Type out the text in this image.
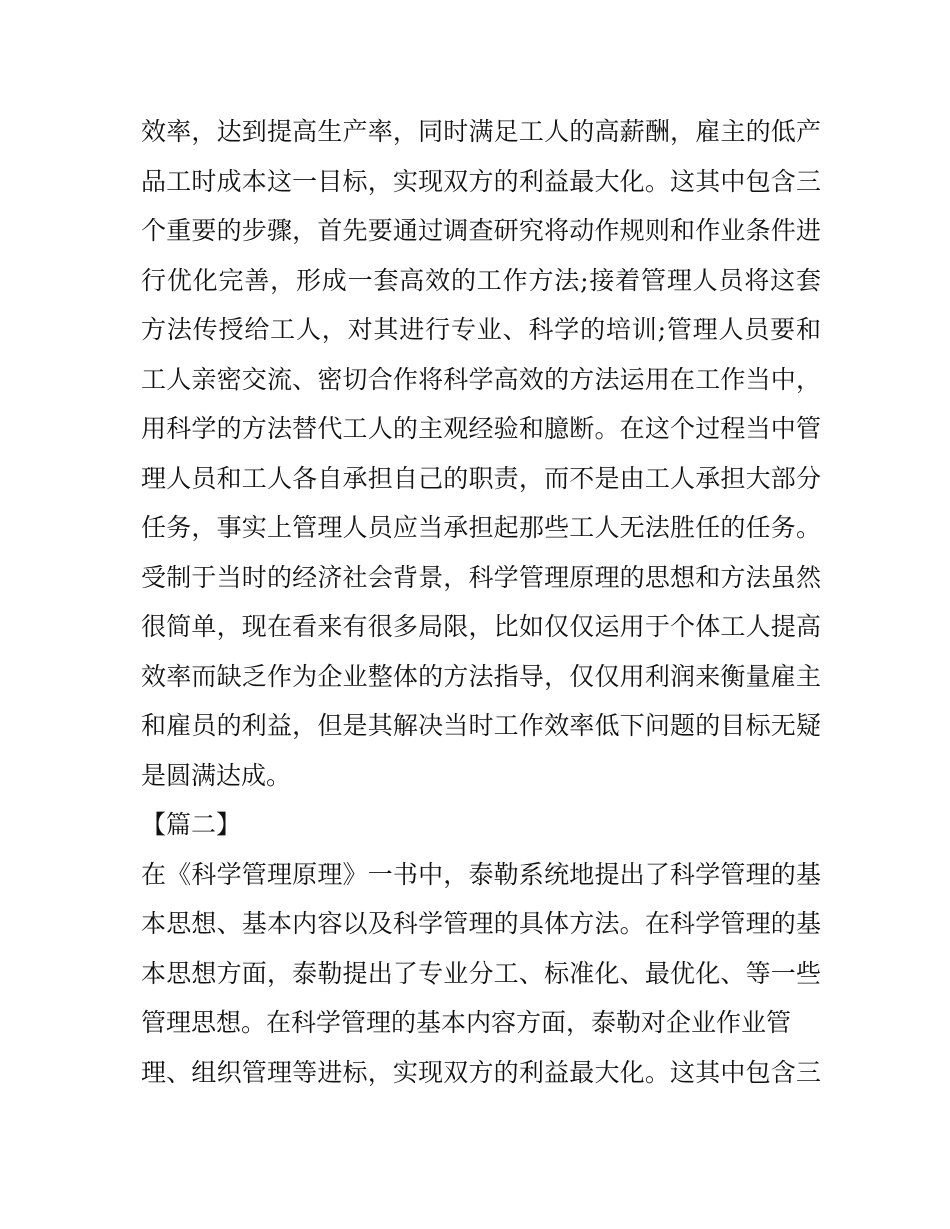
效率，达到提高生产率，同时满足工人的高薪酬，雇主的低产
品工时成本这一目标，实现双方的利益最大化。这其中包含三
个重要的步骤，首先要通过调查研究将动作规则和作业条件进
行优化完善，形成一套高效的工作方法;接着管理人员将这套
方法传授给工人，对其进行专业、科学的培训;管理人员要和
工人亲密交流、密切合作将科学高效的方法运用在工作当中，
用科学的方法替代工人的主观经验和臆断。在这个过程当中管
理人员和工人各自承担自己的职责，而不是由工人承担大部分
任务，事实上管理人员应当承担起那些工人无法胜任的任务。
受制于当时的经济社会背景，科学管理原理的思想和方法虽然
很简单，现在看来有很多局限，比如仅仅运用于个体工人提高
效率而缺乏作为企业整体的方法指导，仅仅用利润来衡量雇主
和雇员的利益，但是其解决当时工作效率低下问题的目标无疑
是圆满达成。
【篇二】
在《科学管理原理》一书中，泰勒系统地提出了科学管理的基
本思想、基本内容以及科学管理的具体方法。在科学管理的基
本思想方面，泰勒提出了专业分工、标准化、最优化、等一些
管理思想。在科学管理的基本内容方面，泰勒对企业作业管
理、组织管理等进标，实现双方的利益最大化。这其中包含三
